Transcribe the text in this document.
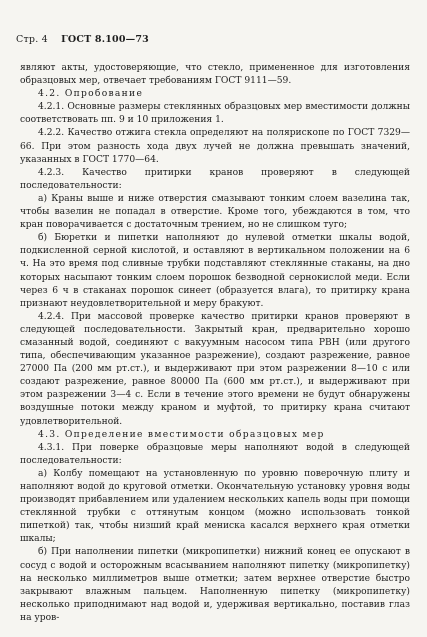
Стр. 4 ГОСТ 8.100—73

являют акты, удостоверяющие, что стекло, примененное для изготовления образцовых мер, отвечает требованиям ГОСТ 9111—59.

4.2. Опробование

4.2.1. Основные размеры стеклянных образцовых мер вместимости должны соответствовать пп. 9 и 10 приложения 1.

4.2.2. Качество отжига стекла определяют на полярископе по ГОСТ 7329—66. При этом разность хода двух лучей не должна превышать значений, указанных в ГОСТ 1770—64.

4.2.3. Качество притирки кранов проверяют в следующей последовательности:

а) Краны выше и ниже отверстия смазывают тонким слоем вазелина так, чтобы вазелин не попадал в отверстие. Кроме того, убеждаются в том, что кран поворачивается с достаточным трением, но не слишком туго;

б) Бюретки и пипетки наполняют до нулевой отметки шкалы водой, подкисленной серной кислотой, и оставляют в вертикальном положении на 6 ч. На это время под сливные трубки подставляют стеклянные стаканы, на дно которых насыпают тонким слоем порошок безводной сернокислой меди. Если через 6 ч в стаканах порошок синеет (образуется влага), то притирку крана признают неудовлетворительной и меру бракуют.

4.2.4. При массовой проверке качество притирки кранов проверяют в следующей последовательности. Закрытый кран, предварительно хорошо смазанный водой, соединяют с вакуумным насосом типа РВН (или другого типа, обеспечивающим указанное разрежение), создают разрежение, равное 27000 Па (200 мм рт.ст.), и выдерживают при этом разрежении 8—10 с или создают разрежение, равное 80000 Па (600 мм рт.ст.), и выдерживают при этом разрежении 3—4 с. Если в течение этого времени не будут обнаружены воздушные потоки между краном и муфтой, то притирку крана считают удовлетворительной.

4.3. Определение вместимости образцовых мер

4.3.1. При поверке образцовые меры наполняют водой в следующей последовательности:

а) Колбу помещают на установленную по уровню поверочную плиту и наполняют водой до круговой отметки. Окончательную установку уровня воды производят прибавлением или удалением нескольких капель воды при помощи стеклянной трубки с оттянутым концом (можно использовать тонкой пипеткой) так, чтобы низший край мениска касался верхнего края отметки шкалы;

б) При наполнении пипетки (микропипетки) нижний конец ее опускают в сосуд с водой и осторожным всасыванием наполняют пипетку (микропипетку) на несколько миллиметров выше отметки; затем верхнее отверстие быстро закрывают влажным пальцем. Наполненную пипетку (микропипетку) несколько приподнимают над водой и, удерживая вертикально, поставив глаз на уров-
